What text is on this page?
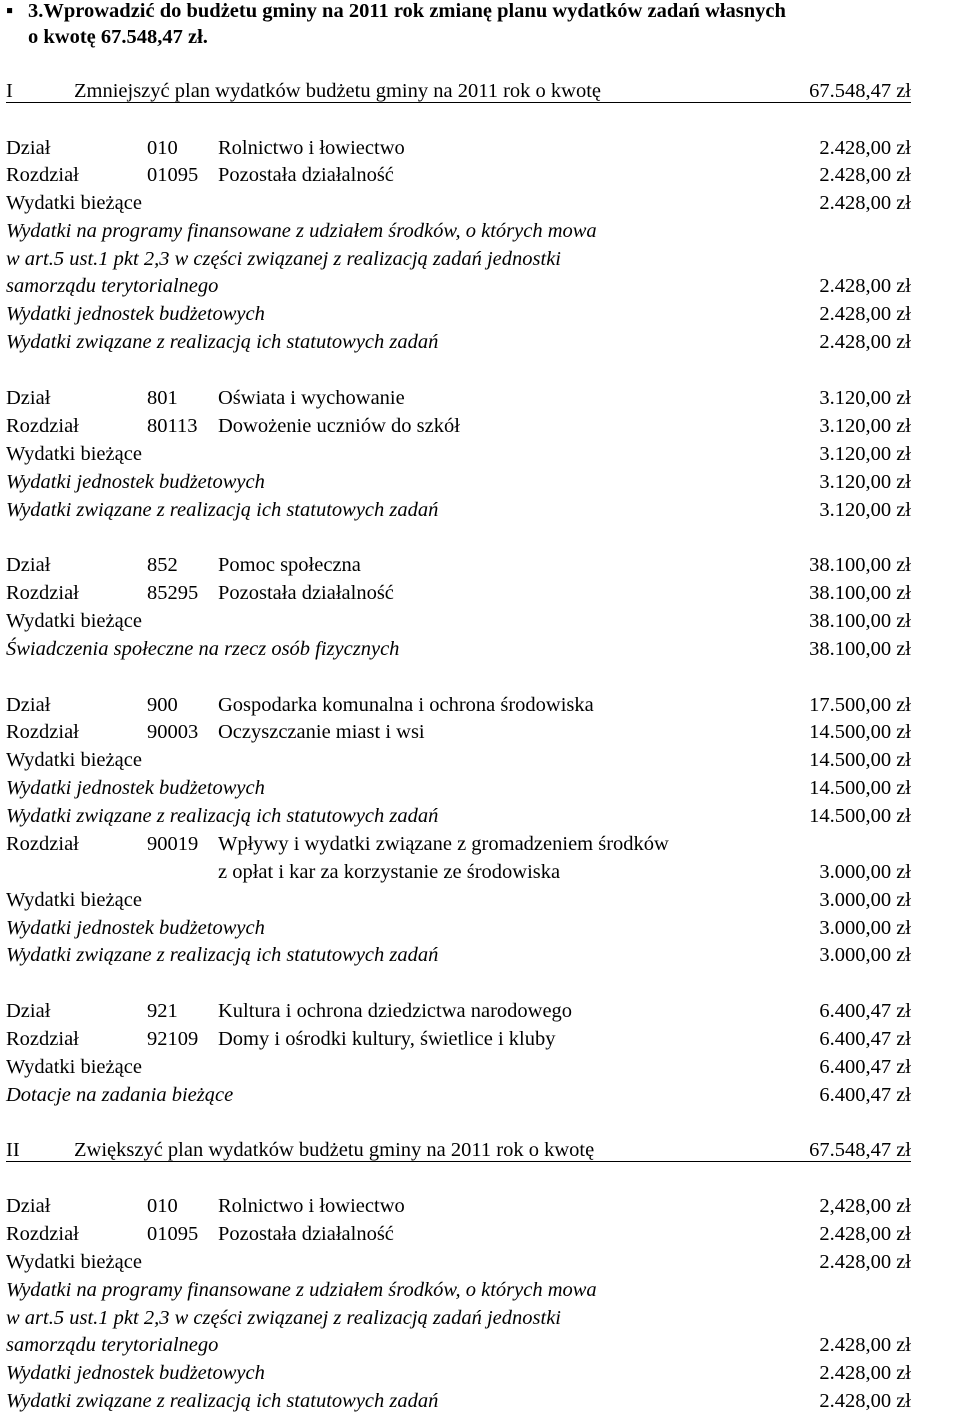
▪ 3.Wprowadzić do budżetu gminy na 2011 rok zmianę planu wydatków zadań własnych
o kwotę 67.548,47 zł.
I	Zmniejszyć plan wydatków budżetu gminy na 2011 rok o kwotę	67.548,47 zł
Dział	010 Rolnictwo i łowiectwo	2.428,00 zł
Rozdział	01095 Pozostała działalność	2.428,00 zł
Wydatki bieżące	2.428,00 zł
Wydatki na programy finansowane z udziałem środków, o których mowa
w art.5 ust.1 pkt 2,3 w części związanej z realizacją zadań jednostki
samorządu terytorialnego	2.428,00 zł
Wydatki jednostek budżetowych	2.428,00 zł
Wydatki związane z realizacją ich statutowych zadań	2.428,00 zł
Dział	801 Oświata i wychowanie	3.120,00 zł
Rozdział	80113 Dowożenie uczniów do szkół	3.120,00 zł
Wydatki bieżące	3.120,00 zł
Wydatki jednostek budżetowych	3.120,00 zł
Wydatki związane z realizacją ich statutowych zadań	3.120,00 zł
Dział	852 Pomoc społeczna	38.100,00 zł
Rozdział	85295 Pozostała działalność	38.100,00 zł
Wydatki bieżące	38.100,00 zł
Świadczenia społeczne na rzecz osób fizycznych	38.100,00 zł
Dział	900 Gospodarka komunalna i ochrona środowiska	17.500,00 zł
Rozdział	90003 Oczyszczanie miast i wsi	14.500,00 zł
Wydatki bieżące	14.500,00 zł
Wydatki jednostek budżetowych	14.500,00 zł
Wydatki związane z realizacją ich statutowych zadań	14.500,00 zł
Rozdział	90019 Wpływy i wydatki związane z gromadzeniem środków
z opłat i kar za korzystanie ze środowiska	3.000,00 zł
Wydatki bieżące	3.000,00 zł
Wydatki jednostek budżetowych	3.000,00 zł
Wydatki związane z realizacją ich statutowych zadań	3.000,00 zł
Dział	921 Kultura i ochrona dziedzictwa narodowego	6.400,47 zł
Rozdział	92109 Domy i ośrodki kultury, świetlice i kluby	6.400,47 zł
Wydatki bieżące	6.400,47 zł
Dotacje na zadania bieżące	6.400,47 zł
II	Zwiększyć plan wydatków budżetu gminy na 2011 rok o kwotę	67.548,47 zł
Dział	010 Rolnictwo i łowiectwo	2,428,00 zł
Rozdział	01095 Pozostała działalność	2.428,00 zł
Wydatki bieżące	2.428,00 zł
Wydatki na programy finansowane z udziałem środków, o których mowa
w art.5 ust.1 pkt 2,3 w części związanej z realizacją zadań jednostki
samorządu terytorialnego	2.428,00 zł
Wydatki jednostek budżetowych	2.428,00 zł
Wydatki związane z realizacją ich statutowych zadań	2.428,00 zł
